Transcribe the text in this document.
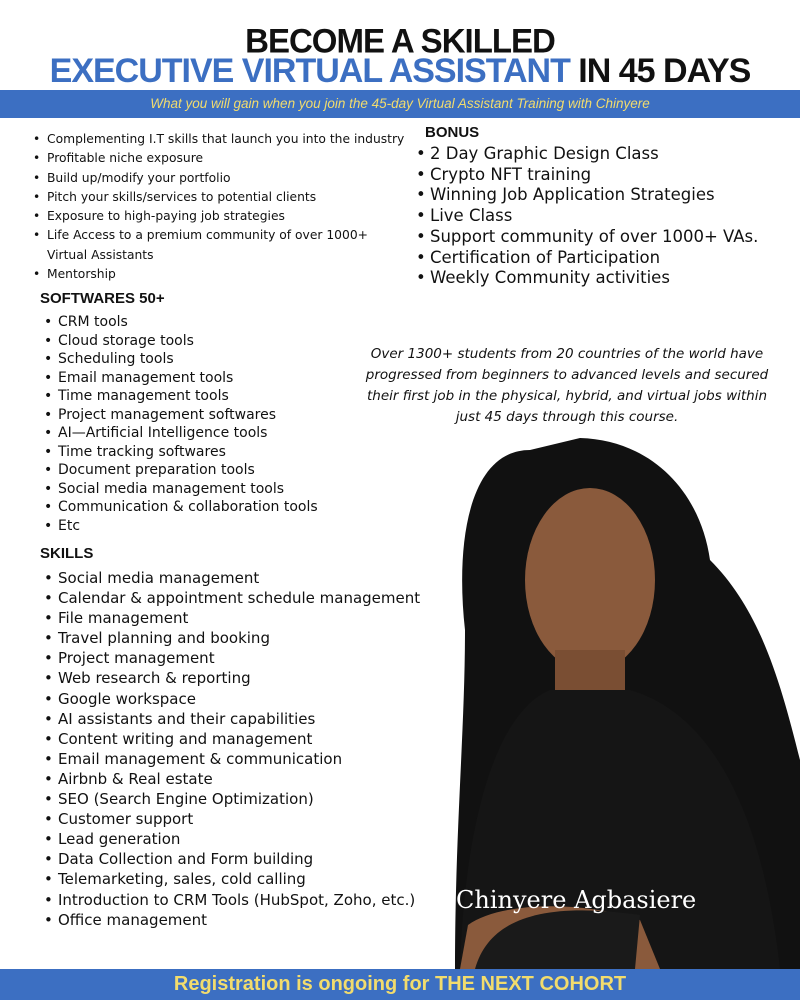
BECOME A SKILLED
EXECUTIVE VIRTUAL ASSISTANT IN 45 DAYS
What you will gain when you join the 45-day Virtual Assistant Training with Chinyere
• Complementing I.T skills that launch you into the industry
• Profitable niche exposure
• Build up/modify your portfolio
• Pitch your skills/services to potential clients
• Exposure to high-paying job strategies
• Life Access to a premium community of over 1000+ Virtual Assistants
• Mentorship
SOFTWARES 50+
• CRM tools
• Cloud storage tools
• Scheduling tools
• Email management tools
• Time management tools
• Project management softwares
• AI—Artificial Intelligence tools
• Time tracking softwares
• Document preparation tools
• Social media management tools
• Communication & collaboration tools
• Etc
SKILLS
• Social media management
• Calendar & appointment schedule management
• File management
• Travel planning and booking
• Project management
• Web research & reporting
• Google workspace
• AI assistants and their capabilities
• Content writing and management
• Email management & communication
• Airbnb & Real estate
• SEO (Search Engine Optimization)
• Customer support
• Lead generation
• Data Collection and Form building
• Telemarketing, sales, cold calling
• Introduction to CRM Tools (HubSpot, Zoho, etc.)
• Office management
BONUS
• 2 Day Graphic Design Class
• Crypto NFT training
• Winning Job Application Strategies
• Live Class
• Support community of over 1000+ VAs.
• Certification of Participation
• Weekly Community activities
Over 1300+ students from 20 countries of the world have progressed from beginners to advanced levels and secured their first job in the physical, hybrid, and virtual jobs within just 45 days through this course.
Chinyere Agbasiere
Registration is ongoing for THE NEXT COHORT
